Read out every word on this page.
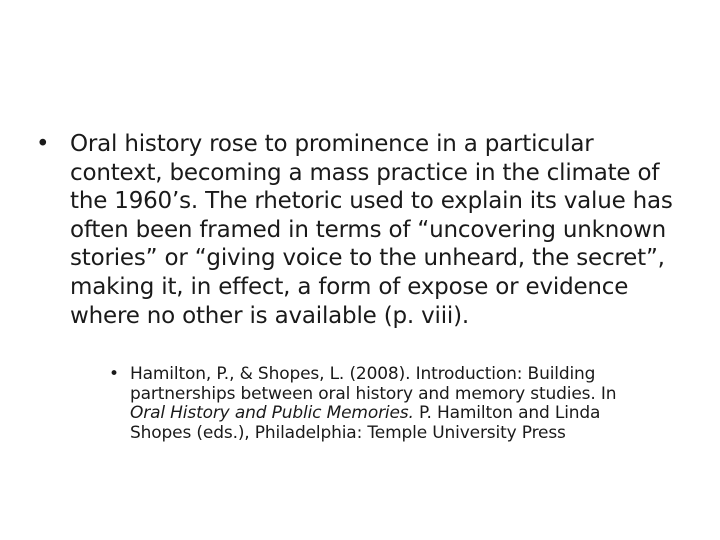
• Oral history rose to prominence in a particular context, becoming a mass practice in the climate of the 1960’s. The rhetoric used to explain its value has often been framed in terms of “uncovering unknown stories” or “giving voice to the unheard, the secret”, making it, in effect, a form of expose or evidence where no other is available (p. viii).
• Hamilton, P., & Shopes, L. (2008). Introduction: Building partnerships between oral history and memory studies. In Oral History and Public Memories. P. Hamilton and Linda Shopes (eds.), Philadelphia: Temple University Press
